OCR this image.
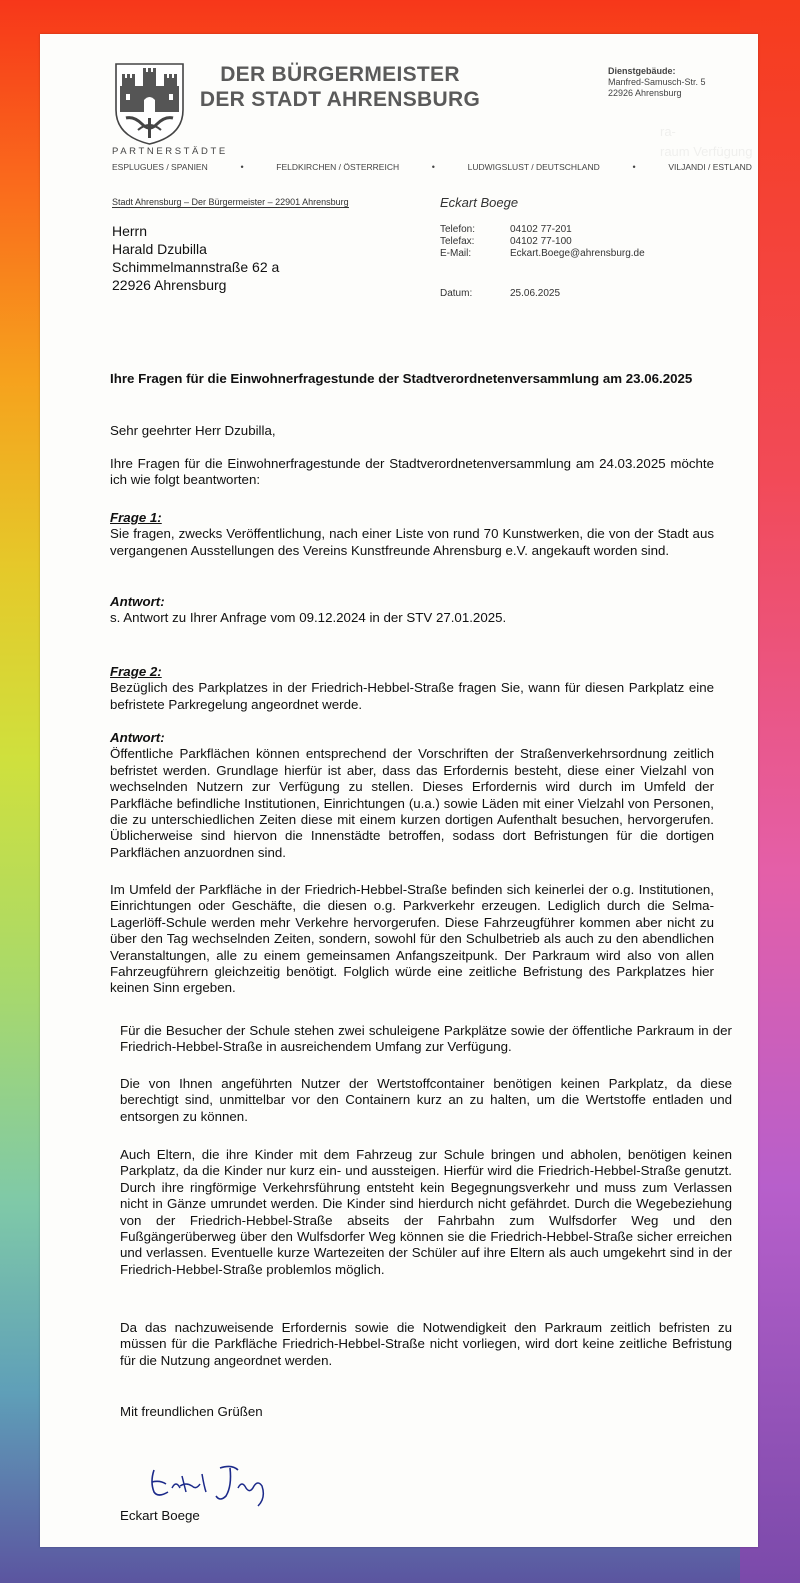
ra-
raum Verfügung
DER BÜRGERMEISTER
DER STADT AHRENSBURG
Dienstgebäude:
Manfred-Samusch-Str. 5
22926 Ahrensburg
PARTNERSTÄDTE
ESPLUGUES / SPANIEN	•	FELDKIRCHEN / ÖSTERREICH	•	LUDWIGSLUST / DEUTSCHLAND	•	VILJANDI / ESTLAND
Stadt Ahrensburg – Der Bürgermeister – 22901 Ahrensburg
Herrn
Harald Dzubilla
Schimmelmannstraße 62 a
22926 Ahrensburg
Eckart Boege
Telefon:	04102 77-201
Telefax:	04102 77-100
E-Mail:	Eckart.Boege@ahrensburg.de
Datum:	25.06.2025
Ihre Fragen für die Einwohnerfragestunde der Stadtverordnetenversammlung am 23.06.2025
Sehr geehrter Herr Dzubilla,
Ihre Fragen für die Einwohnerfragestunde der Stadtverordnetenversammlung am 24.03.2025 möchte ich wie folgt beantworten:
Frage 1:
Sie fragen, zwecks Veröffentlichung, nach einer Liste von rund 70 Kunstwerken, die von der Stadt aus vergangenen Ausstellungen des Vereins Kunstfreunde Ahrensburg e.V. angekauft worden sind.
Antwort:
s. Antwort zu Ihrer Anfrage vom 09.12.2024 in der STV 27.01.2025.
Frage 2:
Bezüglich des Parkplatzes in der Friedrich-Hebbel-Straße fragen Sie, wann für diesen Parkplatz eine befristete Parkregelung angeordnet werde.
Antwort:
Öffentliche Parkflächen können entsprechend der Vorschriften der Straßenverkehrsordnung zeitlich befristet werden. Grundlage hierfür ist aber, dass das Erfordernis besteht, diese einer Vielzahl von wechselnden Nutzern zur Verfügung zu stellen. Dieses Erfordernis wird durch im Umfeld der Parkfläche befindliche Institutionen, Einrichtungen (u.a.) sowie Läden mit einer Vielzahl von Personen, die zu unterschiedlichen Zeiten diese mit einem kurzen dortigen Aufenthalt besuchen, hervorgerufen. Üblicherweise sind hiervon die Innenstädte betroffen, sodass dort Befristungen für die dortigen Parkflächen anzuordnen sind.
Im Umfeld der Parkfläche in der Friedrich-Hebbel-Straße befinden sich keinerlei der o.g. Institutionen, Einrichtungen oder Geschäfte, die diesen o.g. Parkverkehr erzeugen. Lediglich durch die Selma-Lagerlöff-Schule werden mehr Verkehre hervorgerufen. Diese Fahrzeugführer kommen aber nicht zu über den Tag wechselnden Zeiten, sondern, sowohl für den Schulbetrieb als auch zu den abendlichen Veranstaltungen, alle zu einem gemeinsamen Anfangszeitpunk. Der Parkraum wird also von allen Fahrzeugführern gleichzeitig benötigt. Folglich würde eine zeitliche Befristung des Parkplatzes hier keinen Sinn ergeben.
Für die Besucher der Schule stehen zwei schuleigene Parkplätze sowie der öffentliche Parkraum in der Friedrich-Hebbel-Straße in ausreichendem Umfang zur Verfügung.
Die von Ihnen angeführten Nutzer der Wertstoffcontainer benötigen keinen Parkplatz, da diese berechtigt sind, unmittelbar vor den Containern kurz an zu halten, um die Wertstoffe entladen und entsorgen zu können.
Auch Eltern, die ihre Kinder mit dem Fahrzeug zur Schule bringen und abholen, benötigen keinen Parkplatz, da die Kinder nur kurz ein- und aussteigen. Hierfür wird die Friedrich-Hebbel-Straße genutzt. Durch ihre ringförmige Verkehrsführung entsteht kein Begegnungsverkehr und muss zum Verlassen nicht in Gänze umrundet werden. Die Kinder sind hierdurch nicht gefährdet. Durch die Wegebeziehung von der Friedrich-Hebbel-Straße abseits der Fahrbahn zum Wulfsdorfer Weg und den Fußgängerüberweg über den Wulfsdorfer Weg können sie die Friedrich-Hebbel-Straße sicher erreichen und verlassen. Eventuelle kurze Wartezeiten der Schüler auf ihre Eltern als auch umgekehrt sind in der Friedrich-Hebbel-Straße problemlos möglich.
Da das nachzuweisende Erfordernis sowie die Notwendigkeit den Parkraum zeitlich befristen zu müssen für die Parkfläche Friedrich-Hebbel-Straße nicht vorliegen, wird dort keine zeitliche Befristung für die Nutzung angeordnet werden.
Mit freundlichen Grüßen
Eckart Boege
